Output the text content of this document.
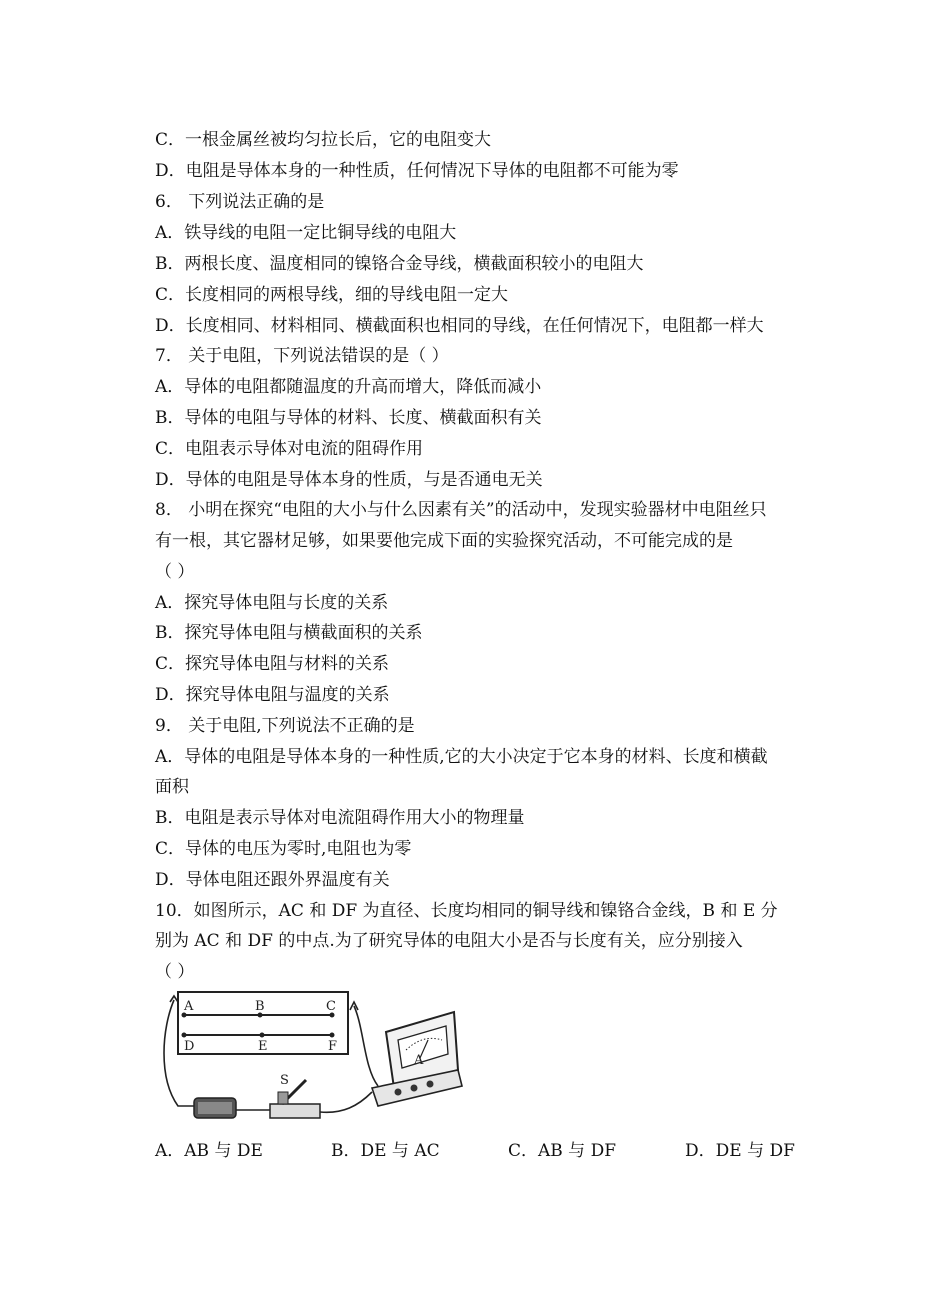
C．一根金属丝被均匀拉长后，它的电阻变大
D．电阻是导体本身的一种性质，任何情况下导体的电阻都不可能为零
6． 下列说法正确的是
A．铁导线的电阻一定比铜导线的电阻大
B．两根长度、温度相同的镍铬合金导线，横截面积较小的电阻大
C．长度相同的两根导线，细的导线电阻一定大
D．长度相同、材料相同、横截面积也相同的导线，在任何情况下，电阻都一样大
7． 关于电阻，下列说法错误的是（ ）
A．导体的电阻都随温度的升高而增大，降低而减小
B．导体的电阻与导体的材料、长度、横截面积有关
C．电阻表示导体对电流的阻碍作用
D．导体的电阻是导体本身的性质，与是否通电无关
8． 小明在探究“电阻的大小与什么因素有关”的活动中，发现实验器材中电阻丝只
有一根，其它器材足够，如果要他完成下面的实验探究活动，不可能完成的是
（ ）
A．探究导体电阻与长度的关系
B．探究导体电阻与横截面积的关系
C．探究导体电阻与材料的关系
D．探究导体电阻与温度的关系
9． 关于电阻,下列说法不正确的是
A．导体的电阻是导体本身的一种性质,它的大小决定于它本身的材料、长度和横截
面积
B．电阻是表示导体对电流阻碍作用大小的物理量
C．导体的电压为零时,电阻也为零
D．导体电阻还跟外界温度有关
10．如图所示，AC 和 DF 为直径、长度均相同的铜导线和镍铬合金线，B 和 E 分
别为 AC 和 DF 的中点.为了研究导体的电阻大小是否与长度有关，应分别接入
（ ）
A	B	C
D	E	F
S
A
A．AB 与 DE	B．DE 与 AC	C．AB 与 DF	D．DE 与 DF
